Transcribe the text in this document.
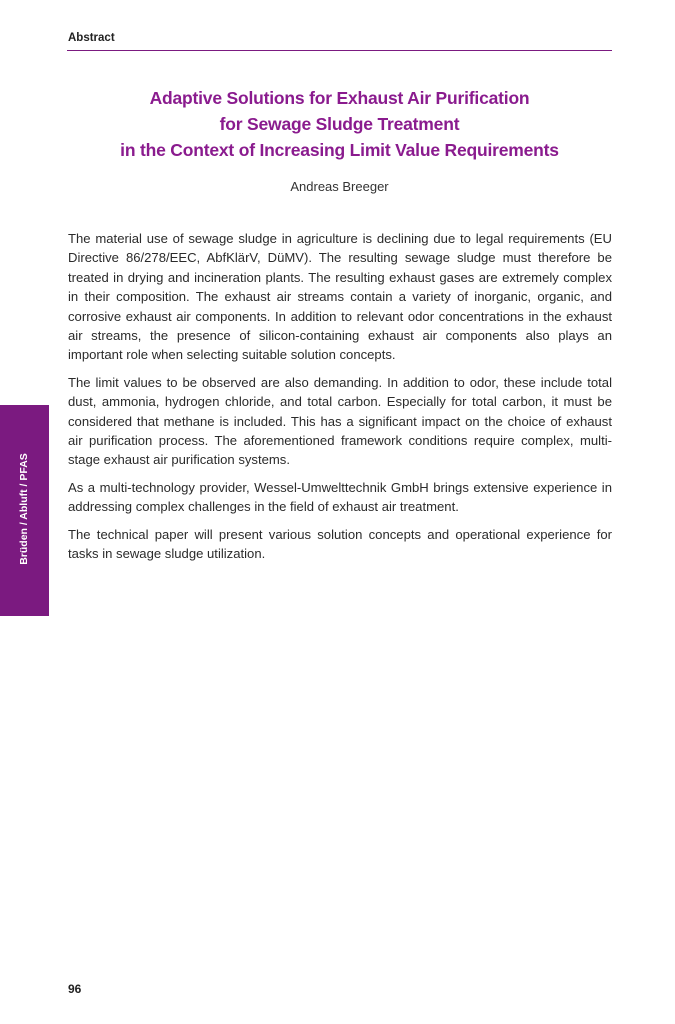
Abstract
Adaptive Solutions for Exhaust Air Purification
for Sewage Sludge Treatment
in the Context of Increasing Limit Value Requirements
Andreas Breeger

The material use of sewage sludge in agriculture is declining due to legal requirements (EU Directive 86/278/EEC, AbfKlärV, DüMV). The resulting sewage sludge must therefore be treated in drying and incineration plants. The resulting exhaust gases are extremely complex in their composition. The exhaust air streams contain a variety of inorganic, organic, and corrosive exhaust air components. In addition to relevant odor concentrations in the exhaust air streams, the presence of silicon-containing exhaust air components also plays an important role when selecting suitable solution concepts.

The limit values to be observed are also demanding. In addition to odor, these include total dust, ammonia, hydrogen chloride, and total carbon. Especially for total carbon, it must be considered that methane is included. This has a significant impact on the choice of exhaust air purification process. The aforementioned framework conditions require complex, multi-stage exhaust air purification systems.

As a multi-technology provider, Wessel-Umwelttechnik GmbH brings extensive experience in addressing complex challenges in the field of exhaust air treatment.

The technical paper will present various solution concepts and operational experience for tasks in sewage sludge utilization.

Brüden / Abluft / PFAS
96
